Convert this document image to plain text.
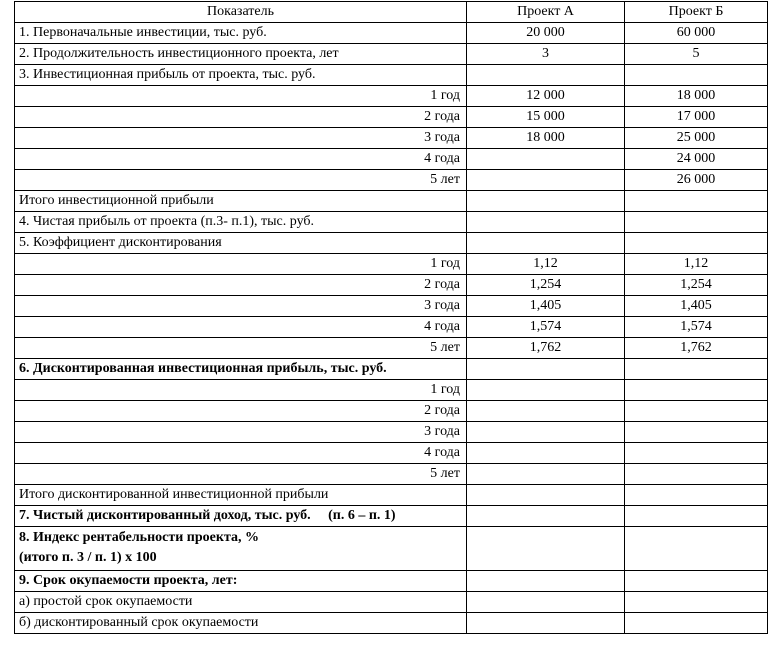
Показатель	Проект А	Проект Б
1. Первоначальные инвестиции, тыс. руб.	20 000	60 000
2. Продолжительность инвестиционного проекта, лет	3	5
3. Инвестиционная прибыль от проекта, тыс. руб.		
1 год	12 000	18 000
2 года	15 000	17 000
3 года	18 000	25 000
4 года		24 000
5 лет		26 000
Итого инвестиционной прибыли		
4. Чистая прибыль от проекта (п.3- п.1), тыс. руб.		
5. Коэффициент дисконтирования		
1 год	1,12	1,12
2 года	1,254	1,254
3 года	1,405	1,405
4 года	1,574	1,574
5 лет	1,762	1,762
6. Дисконтированная инвестиционная прибыль, тыс. руб.		
1 год		
2 года		
3 года		
4 года		
5 лет		
Итого дисконтированной инвестиционной прибыли		
7. Чистый дисконтированный доход, тыс. руб.     (п. 6 – п. 1)		

8. Индекс рентабельности проекта, %
(итого п. 3 / п. 1) х 100		

9. Срок окупаемости проекта, лет:		
а) простой срок окупаемости		
б) дисконтированный срок окупаемости		
